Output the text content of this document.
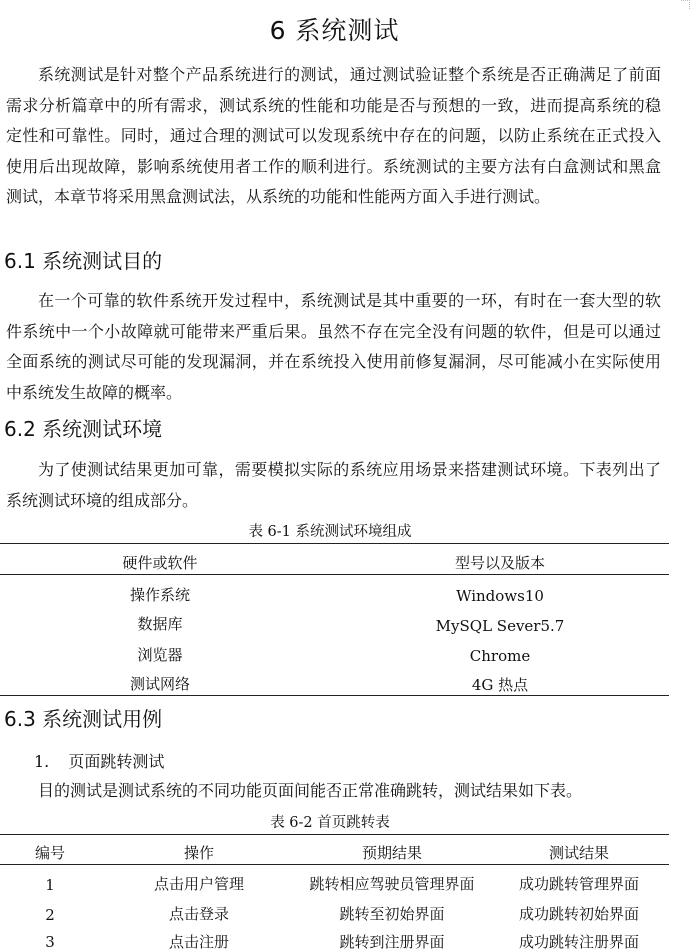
6 系统测试

系统测试是针对整个产品系统进行的测试，通过测试验证整个系统是否正确满足了前面需求分析篇章中的所有需求，测试系统的性能和功能是否与预想的一致，进而提高系统的稳定性和可靠性。同时，通过合理的测试可以发现系统中存在的问题，以防止系统在正式投入使用后出现故障，影响系统使用者工作的顺利进行。系统测试的主要方法有白盒测试和黑盒测试，本章节将采用黑盒测试法，从系统的功能和性能两方面入手进行测试。

6.1 系统测试目的

在一个可靠的软件系统开发过程中，系统测试是其中重要的一环，有时在一套大型的软件系统中一个小故障就可能带来严重后果。虽然不存在完全没有问题的软件，但是可以通过全面系统的测试尽可能的发现漏洞，并在系统投入使用前修复漏洞，尽可能减小在实际使用中系统发生故障的概率。

6.2 系统测试环境

为了使测试结果更加可靠，需要模拟实际的系统应用场景来搭建测试环境。下表列出了系统测试环境的组成部分。

表 6-1 系统测试环境组成
硬件或软件	型号以及版本
操作系统	Windows10
数据库	MySQL Sever5.7
浏览器	Chrome
测试网络	4G 热点
6.3 系统测试用例
1. 页面跳转测试

目的测试是测试系统的不同功能页面间能否正常准确跳转，测试结果如下表。

表 6-2 首页跳转表
编号	操作	预期结果	测试结果
1	点击用户管理	跳转相应驾驶员管理界面	成功跳转管理界面
2	点击登录	跳转至初始界面	成功跳转初始界面
3	点击注册	跳转到注册界面	成功跳转注册界面
